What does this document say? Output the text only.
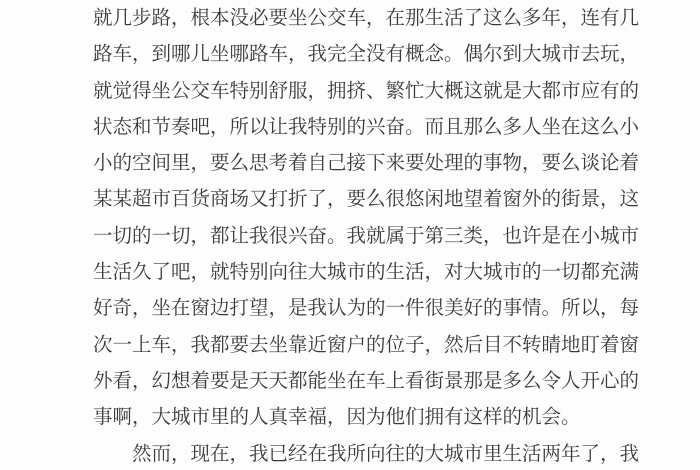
就几步路，根本没必要坐公交车，在那生活了这么多年，连有几
路车，到哪儿坐哪路车，我完全没有概念。偶尔到大城市去玩，
就觉得坐公交车特别舒服，拥挤、繁忙大概这就是大都市应有的
状态和节奏吧，所以让我特别的兴奋。而且那么多人坐在这么小
小的空间里，要么思考着自己接下来要处理的事物，要么谈论着
某某超市百货商场又打折了，要么很悠闲地望着窗外的街景，这
一切的一切，都让我很兴奋。我就属于第三类，也许是在小城市
生活久了吧，就特别向往大城市的生活，对大城市的一切都充满
好奇，坐在窗边打望，是我认为的一件很美好的事情。所以，每
次一上车，我都要去坐靠近窗户的位子，然后目不转睛地盯着窗
外看，幻想着要是天天都能坐在车上看街景那是多么令人开心的
事啊，大城市里的人真幸福，因为他们拥有这样的机会。
　　然而，现在，我已经在我所向往的大城市里生活两年了，我
